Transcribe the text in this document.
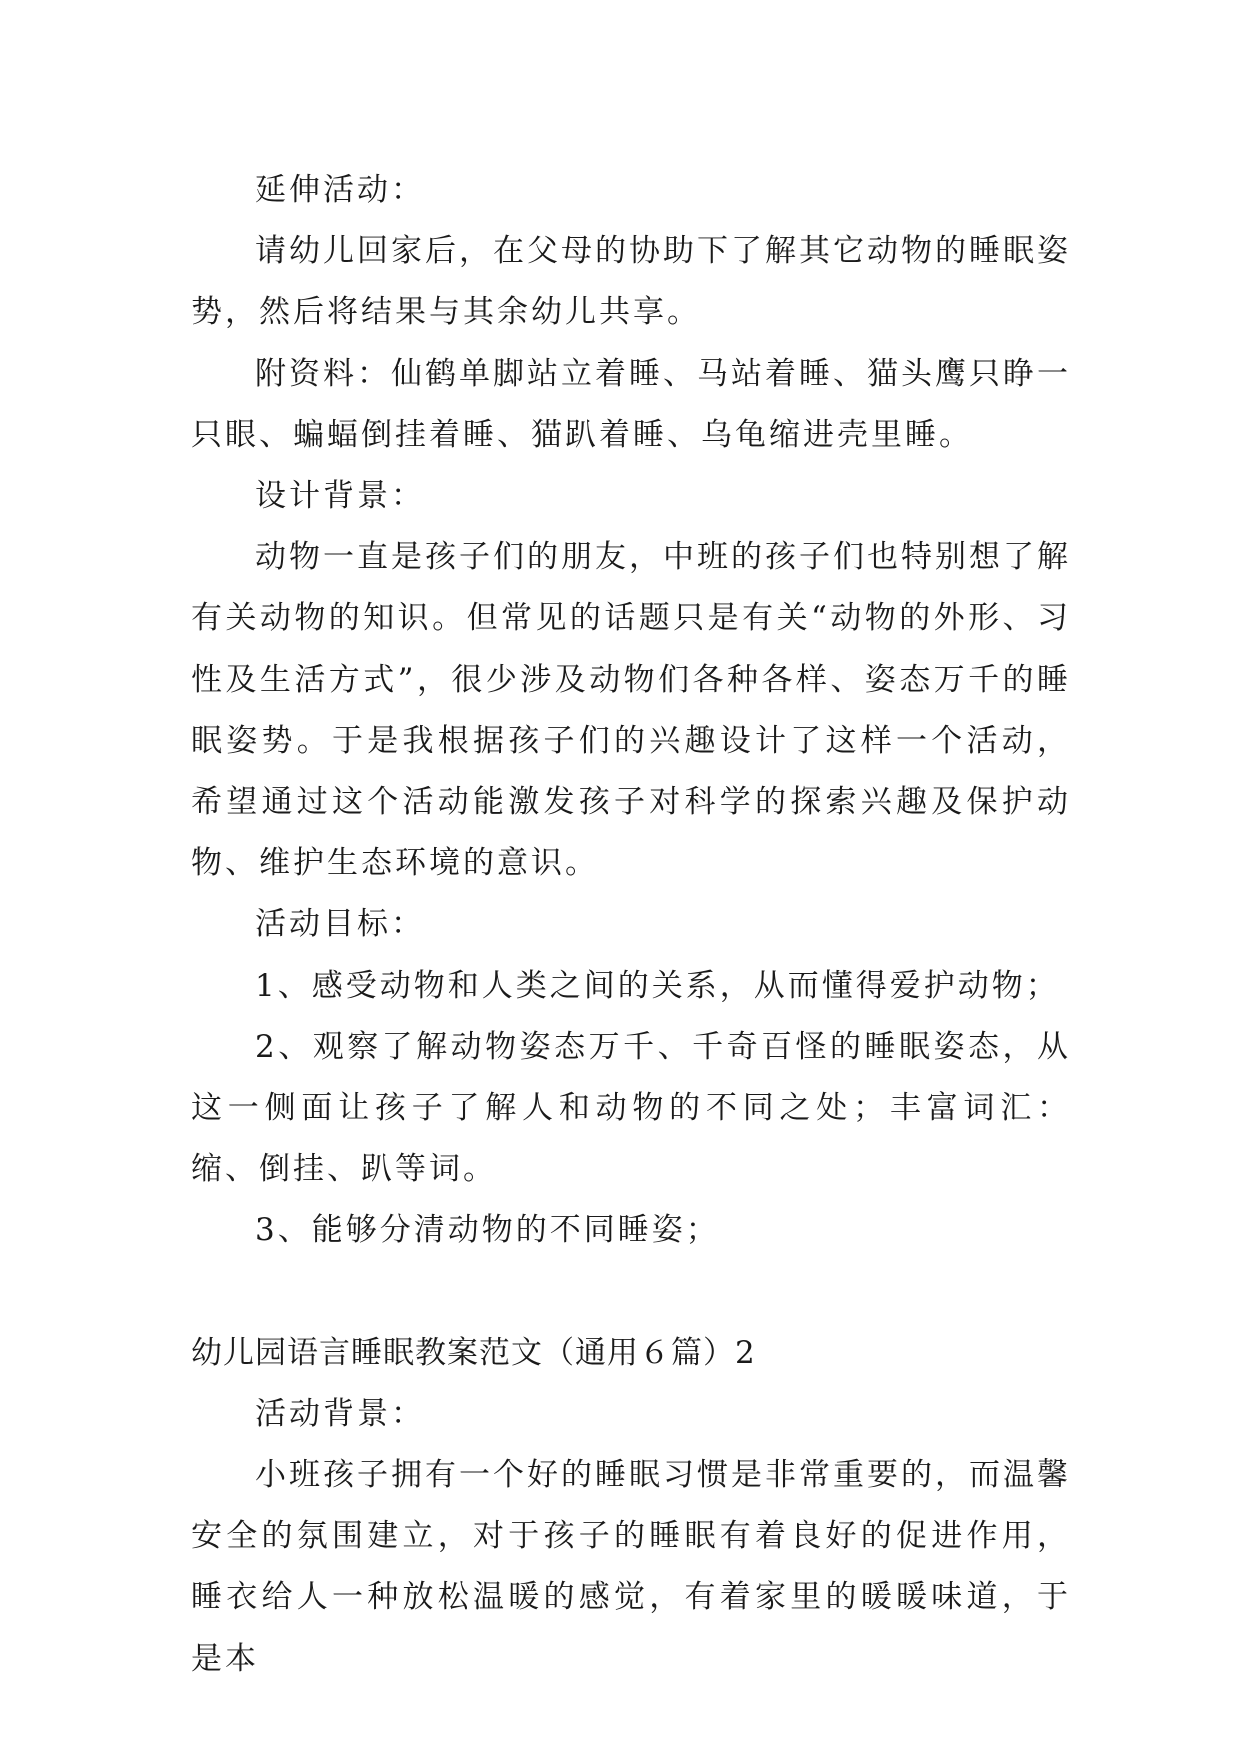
延伸活动：

请幼儿回家后，在父母的协助下了解其它动物的睡眠姿势，然后将结果与其余幼儿共享。

附资料：仙鹤单脚站立着睡、马站着睡、猫头鹰只睁一只眼、蝙蝠倒挂着睡、猫趴着睡、乌龟缩进壳里睡。

设计背景：

动物一直是孩子们的朋友，中班的孩子们也特别想了解有关动物的知识。但常见的话题只是有关“动物的外形、习性及生活方式”，很少涉及动物们各种各样、姿态万千的睡眠姿势。于是我根据孩子们的兴趣设计了这样一个活动，希望通过这个活动能激发孩子对科学的探索兴趣及保护动物、维护生态环境的意识。

活动目标：

1、感受动物和人类之间的关系，从而懂得爱护动物；

2、观察了解动物姿态万千、千奇百怪的睡眠姿态，从这一侧面让孩子了解人和动物的不同之处；丰富词汇：缩、倒挂、趴等词。

3、能够分清动物的不同睡姿；

幼儿园语言睡眠教案范文（通用６篇）2

活动背景：

小班孩子拥有一个好的睡眠习惯是非常重要的，而温馨安全的氛围建立，对于孩子的睡眠有着良好的促进作用，睡衣给人一种放松温暖的感觉，有着家里的暖暖味道，于是本
